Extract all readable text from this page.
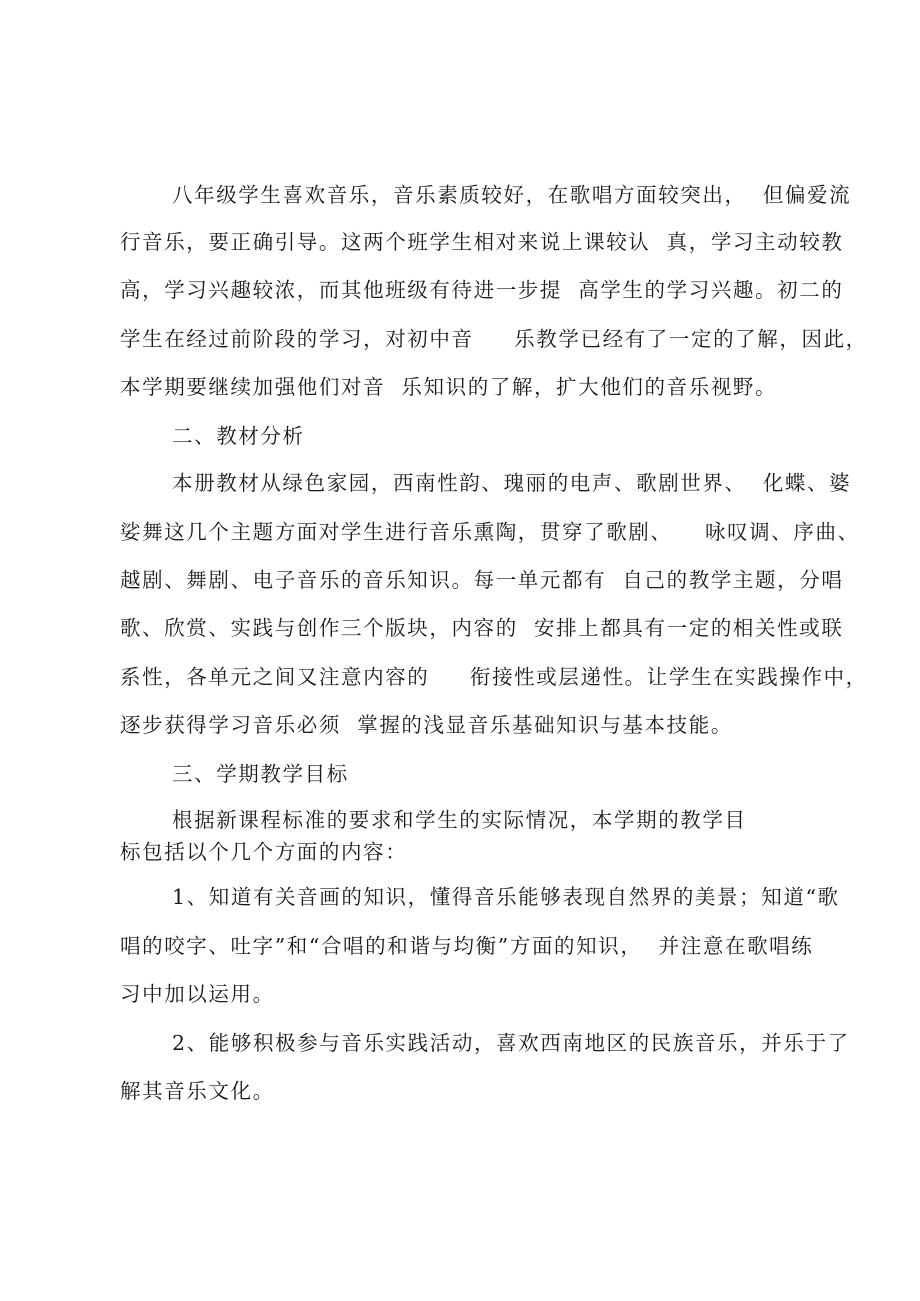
八年级学生喜欢音乐，音乐素质较好，在歌唱方面较突出，  但偏爱流
行音乐，要正确引导。这两个班学生相对来说上课较认  真，学习主动较教
高，学习兴趣较浓，而其他班级有待进一步提  高学生的学习兴趣。初二的
学生在经过前阶段的学习，对初中音     乐教学已经有了一定的了解，因此，
本学期要继续加强他们对音  乐知识的了解，扩大他们的音乐视野。
二、教材分析
本册教材从绿色家园，西南性韵、瑰丽的电声、歌剧世界、  化蝶、婆
娑舞这几个主题方面对学生进行音乐熏陶，贯穿了歌剧、    咏叹调、序曲、
越剧、舞剧、电子音乐的音乐知识。每一单元都有  自己的教学主题，分唱
歌、欣赏、实践与创作三个版块，内容的  安排上都具有一定的相关性或联
系性，各单元之间又注意内容的     衔接性或层递性。让学生在实践操作中，
逐步获得学习音乐必须  掌握的浅显音乐基础知识与基本技能。
三、学期教学目标
根据新课程标准的要求和学生的实际情况，本学期的教学目
标包括以个几个方面的内容：
1、知道有关音画的知识，懂得音乐能够表现自然界的美景；知道“歌
唱的咬字、吐字”和“合唱的和谐与均衡”方面的知识，  并注意在歌唱练
习中加以运用。
2、能够积极参与音乐实践活动，喜欢西南地区的民族音乐，并乐于了
解其音乐文化。
